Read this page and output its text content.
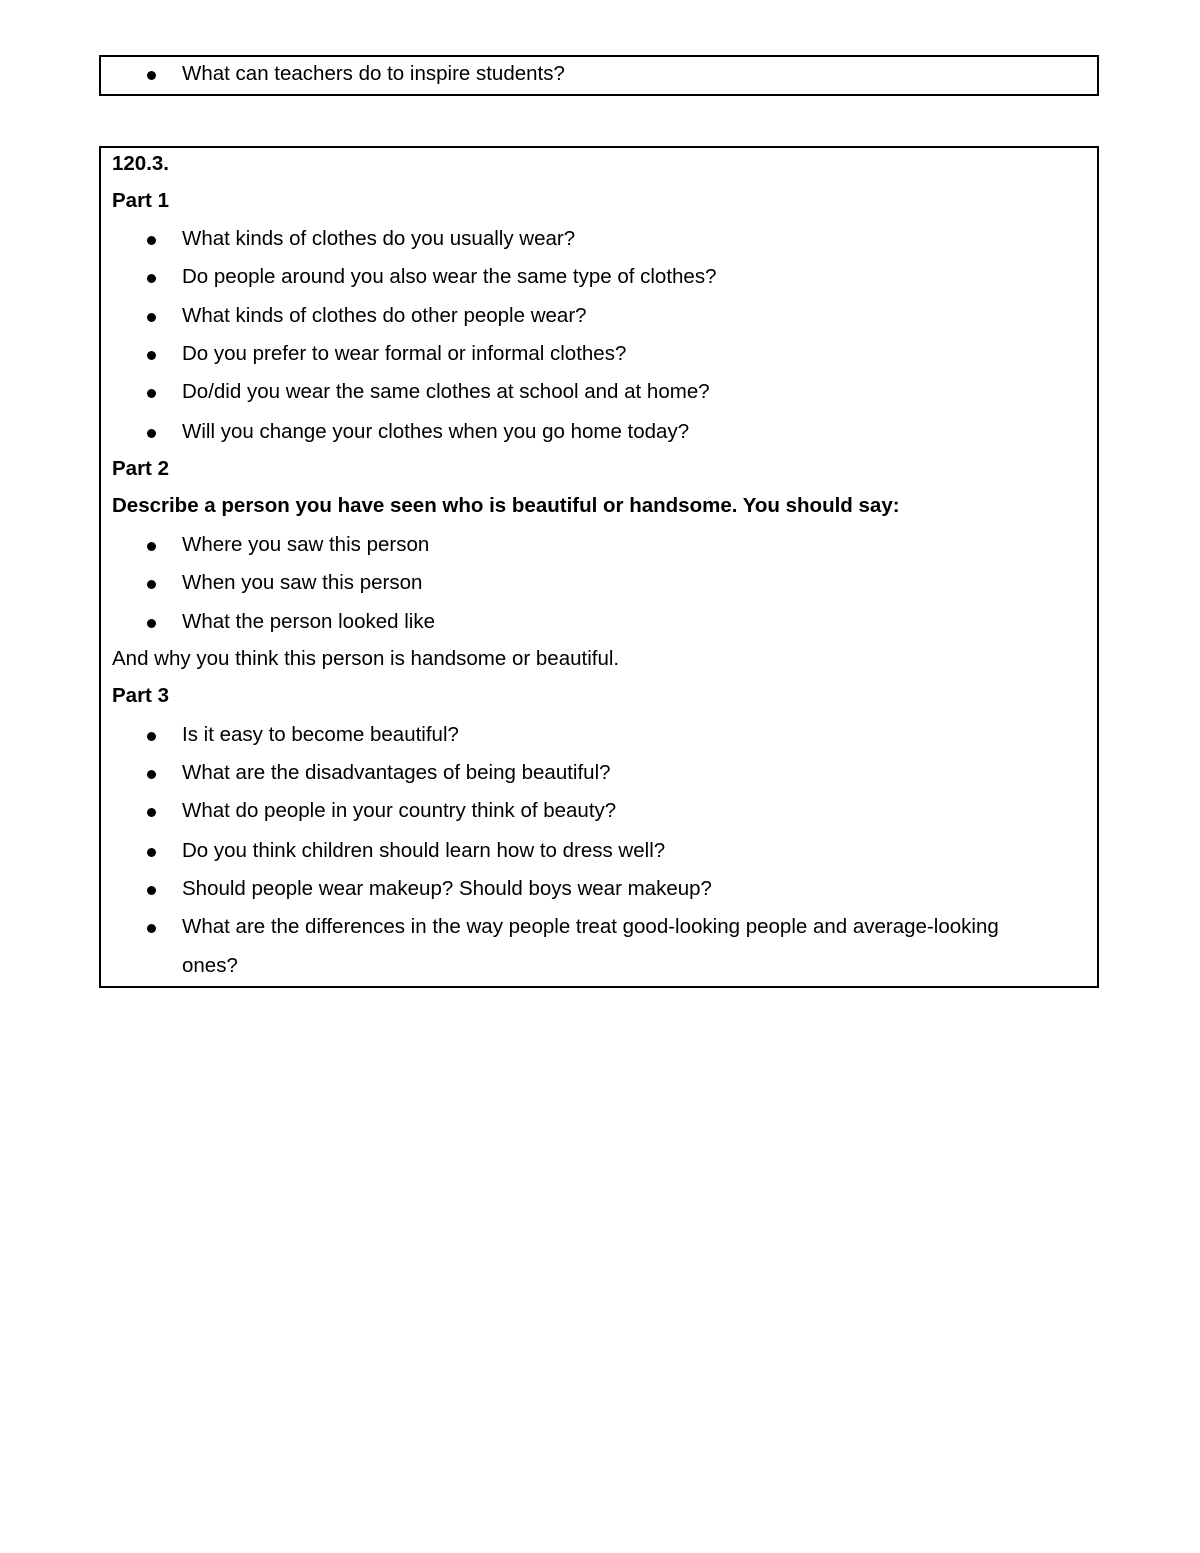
What can teachers do to inspire students?
120.3.
Part 1
What kinds of clothes do you usually wear?
Do people around you also wear the same type of clothes?
What kinds of clothes do other people wear?
Do you prefer to wear formal or informal clothes?
Do/did you wear the same clothes at school and at home?
Will you change your clothes when you go home today?
Part 2
Describe a person you have seen who is beautiful or handsome. You should say:
Where you saw this person
When you saw this person
What the person looked like
And why you think this person is handsome or beautiful.
Part 3
Is it easy to become beautiful?
What are the disadvantages of being beautiful?
What do people in your country think of beauty?
Do you think children should learn how to dress well?
Should people wear makeup? Should boys wear makeup?
What are the differences in the way people treat good-looking people and average-looking
ones?
